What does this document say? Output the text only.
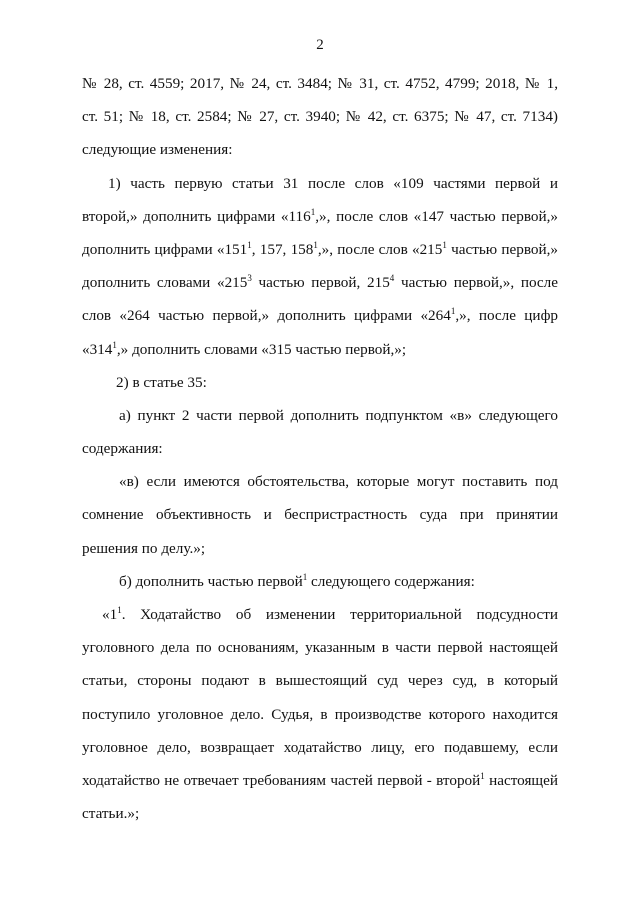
2
№ 28, ст. 4559; 2017, № 24, ст. 3484; № 31, ст. 4752, 4799; 2018, № 1,
ст. 51; № 18, ст. 2584; № 27, ст. 3940; № 42, ст. 6375; № 47, ст. 7134)
следующие изменения:
1) часть первую статьи 31 после слов «109 частями первой и
второй,» дополнить цифрами «$116^1$,», после слов «147 частью первой,»
дополнить цифрами «$151^1$, 157, $158^1$,», после слов «$215^1$ частью первой,»
дополнить словами «$215^3$ частью первой, $215^4$ частью первой,», после
слов «264 частью первой,» дополнить цифрами «$264^1$,», после цифр
«$314^1$,» дополнить словами «315 частью первой,»;
2) в статье 35:
а) пункт 2 части первой дополнить подпунктом «в» следующего
содержания:
«в) если имеются обстоятельства, которые могут поставить под
сомнение объективность и беспристрастность суда при принятии
решения по делу.»;
б) дополнить частью первой$^1$ следующего содержания:
«$1^1$. Ходатайство об изменении территориальной подсудности
уголовного дела по основаниям, указанным в части первой настоящей
статьи, стороны подают в вышестоящий суд через суд, в который
поступило уголовное дело. Судья, в производстве которого находится
уголовное дело, возвращает ходатайство лицу, его подавшему, если
ходатайство не отвечает требованиям частей первой - второй$^1$ настоящей
статьи.»;
